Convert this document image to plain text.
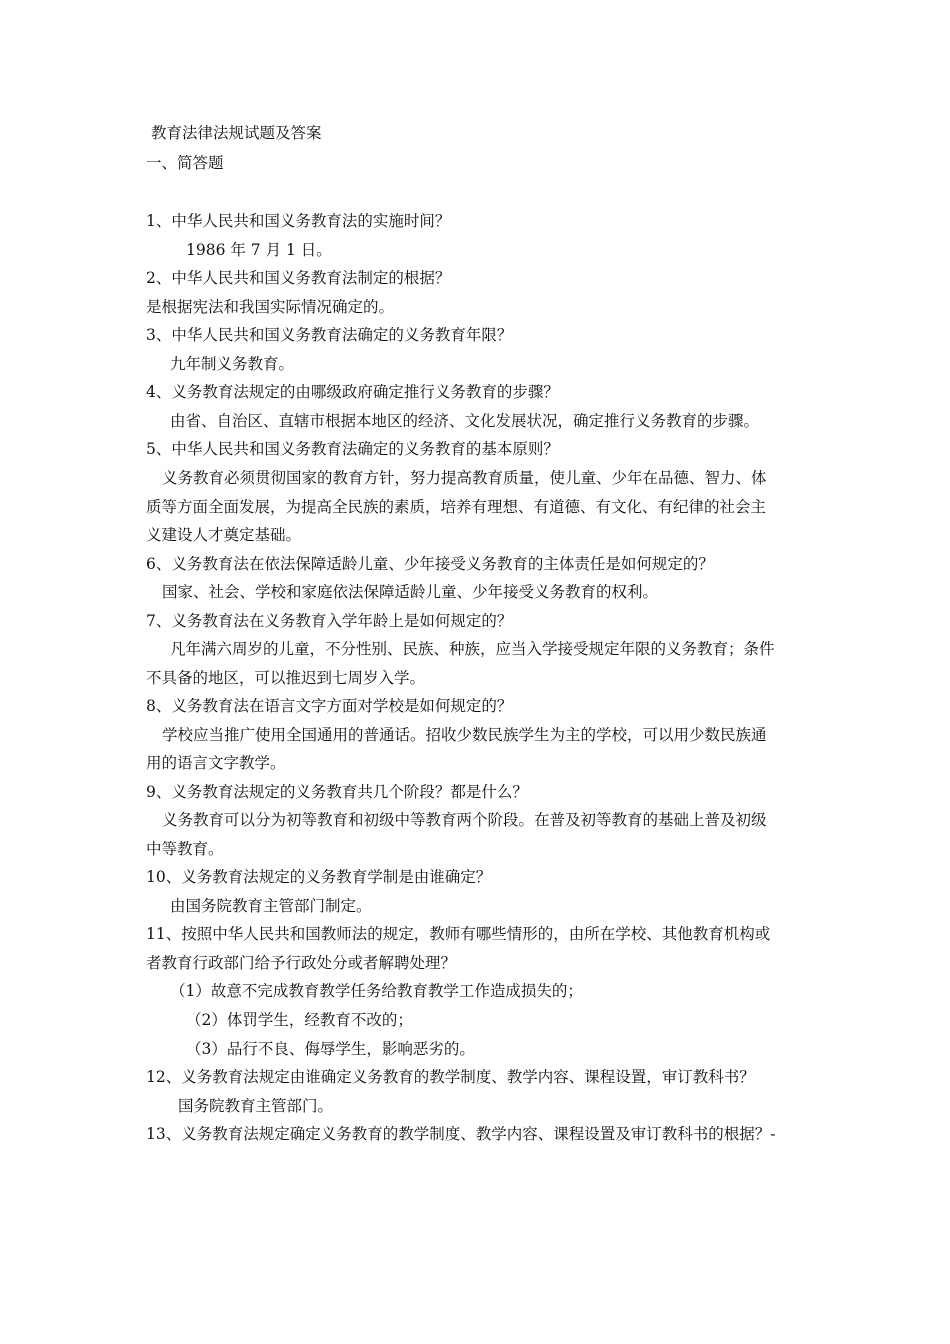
教育法律法规试题及答案
一、简答题
1、中华人民共和国义务教育法的实施时间？
1986 年 7 月 1 日。
2、中华人民共和国义务教育法制定的根据？
是根据宪法和我国实际情况确定的。
3、中华人民共和国义务教育法确定的义务教育年限？
九年制义务教育。
4、义务教育法规定的由哪级政府确定推行义务教育的步骤？
由省、自治区、直辖市根据本地区的经济、文化发展状况，确定推行义务教育的步骤。
5、中华人民共和国义务教育法确定的义务教育的基本原则？
义务教育必须贯彻国家的教育方针，努力提高教育质量，使儿童、少年在品德、智力、体
质等方面全面发展，为提高全民族的素质，培养有理想、有道德、有文化、有纪律的社会主
义建设人才奠定基础。
6、义务教育法在依法保障适龄儿童、少年接受义务教育的主体责任是如何规定的？
国家、社会、学校和家庭依法保障适龄儿童、少年接受义务教育的权利。
7、义务教育法在义务教育入学年龄上是如何规定的？
凡年满六周岁的儿童，不分性别、民族、种族，应当入学接受规定年限的义务教育；条件
不具备的地区，可以推迟到七周岁入学。
8、义务教育法在语言文字方面对学校是如何规定的？
学校应当推广使用全国通用的普通话。招收少数民族学生为主的学校，可以用少数民族通
用的语言文字教学。
9、义务教育法规定的义务教育共几个阶段？都是什么？
义务教育可以分为初等教育和初级中等教育两个阶段。在普及初等教育的基础上普及初级
中等教育。
10、义务教育法规定的义务教育学制是由谁确定？
由国务院教育主管部门制定。
11、按照中华人民共和国教师法的规定，教师有哪些情形的，由所在学校、其他教育机构或
者教育行政部门给予行政处分或者解聘处理？
（1）故意不完成教育教学任务给教育教学工作造成损失的；
（2）体罚学生，经教育不改的；
（3）品行不良、侮辱学生，影响恶劣的。
12、义务教育法规定由谁确定义务教育的教学制度、教学内容、课程设置，审订教科书？
国务院教育主管部门。
13、义务教育法规定确定义务教育的教学制度、教学内容、课程设置及审订教科书的根据？-
